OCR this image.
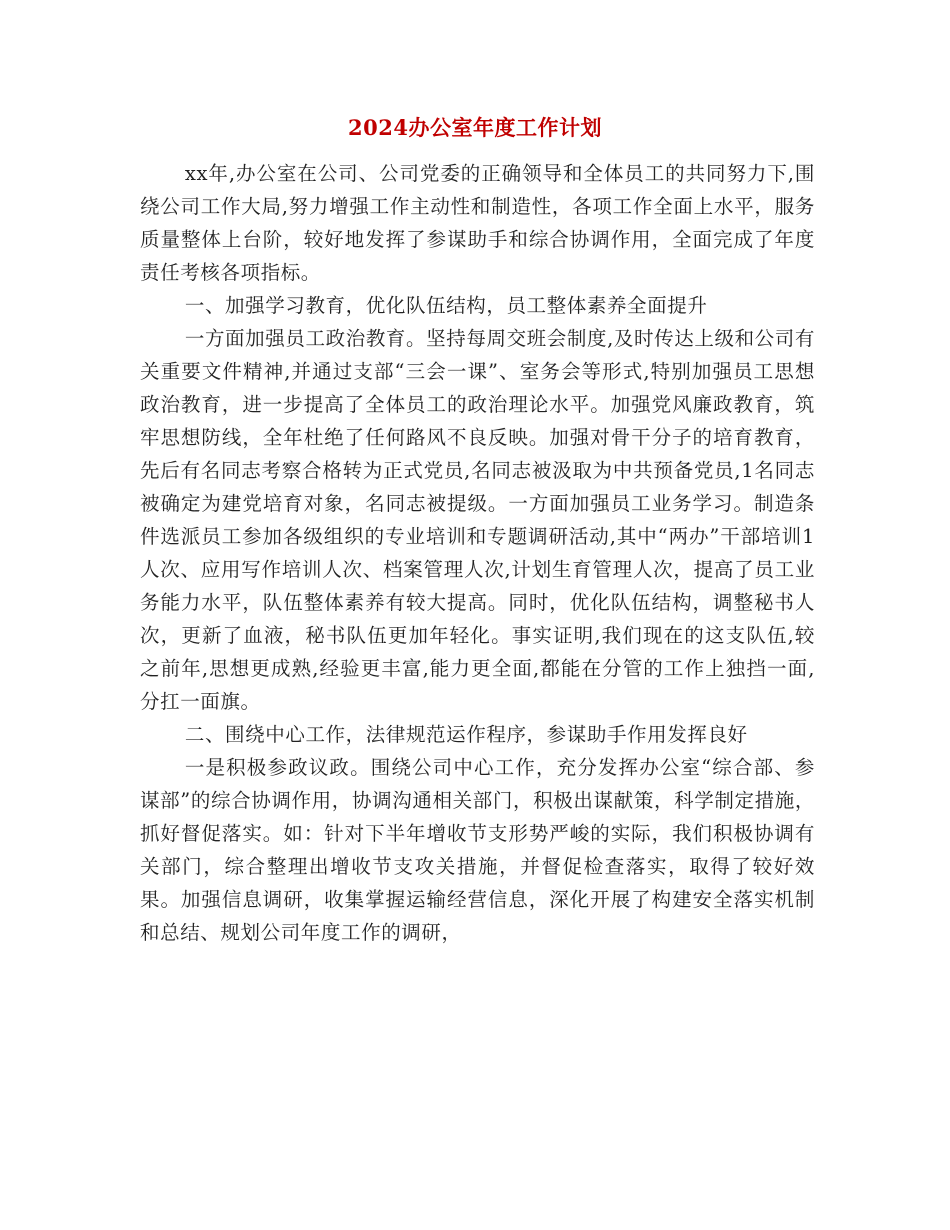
2024办公室年度工作计划

xx年,办公室在公司、公司党委的正确领导和全体员工的共同努力下,围绕公司工作大局,努力增强工作主动性和制造性，各项工作全面上水平，服务质量整体上台阶，较好地发挥了参谋助手和综合协调作用，全面完成了年度责任考核各项指标。

一、加强学习教育，优化队伍结构，员工整体素养全面提升

一方面加强员工政治教育。坚持每周交班会制度,及时传达上级和公司有关重要文件精神,并通过支部“三会一课”、室务会等形式,特别加强员工思想政治教育，进一步提高了全体员工的政治理论水平。加强党风廉政教育，筑牢思想防线，全年杜绝了任何路风不良反映。加强对骨干分子的培育教育，先后有名同志考察合格转为正式党员,名同志被汲取为中共预备党员,1名同志被确定为建党培育对象，名同志被提级。一方面加强员工业务学习。制造条件选派员工参加各级组织的专业培训和专题调研活动,其中“两办”干部培训1人次、应用写作培训人次、档案管理人次,计划生育管理人次，提高了员工业务能力水平，队伍整体素养有较大提高。同时，优化队伍结构，调整秘书人次，更新了血液，秘书队伍更加年轻化。事实证明,我们现在的这支队伍,较之前年,思想更成熟,经验更丰富,能力更全面,都能在分管的工作上独挡一面,分扛一面旗。

二、围绕中心工作，法律规范运作程序，参谋助手作用发挥良好

一是积极参政议政。围绕公司中心工作，充分发挥办公室“综合部、参谋部”的综合协调作用，协调沟通相关部门，积极出谋献策，科学制定措施，抓好督促落实。如：针对下半年增收节支形势严峻的实际，我们积极协调有关部门，综合整理出增收节支攻关措施，并督促检查落实，取得了较好效果。加强信息调研，收集掌握运输经营信息，深化开展了构建安全落实机制和总结、规划公司年度工作的调研，
